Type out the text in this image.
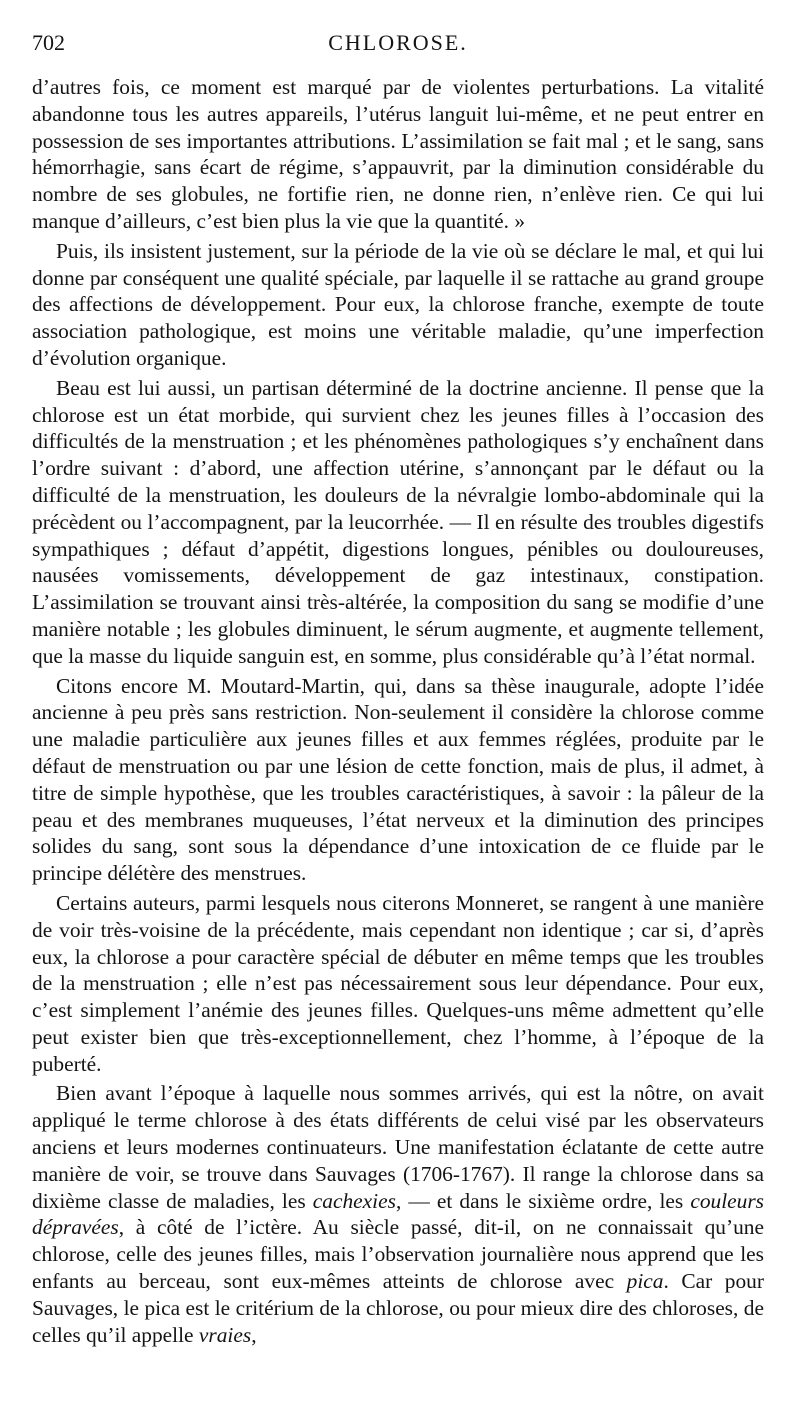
702	CHLOROSE.

d’autres fois, ce moment est marqué par de violentes perturbations. La vitalité abandonne tous les autres appareils, l’utérus languit lui-même, et ne peut entrer en possession de ses importantes attributions. L’assimilation se fait mal ; et le sang, sans hémorrhagie, sans écart de régime, s’appauvrit, par la diminution considérable du nombre de ses globules, ne fortifie rien, ne donne rien, n’enlève rien. Ce qui lui manque d’ailleurs, c’est bien plus la vie que la quantité. »

Puis, ils insistent justement, sur la période de la vie où se déclare le mal, et qui lui donne par conséquent une qualité spéciale, par laquelle il se rattache au grand groupe des affections de développement. Pour eux, la chlorose franche, exempte de toute association pathologique, est moins une véritable maladie, qu’une imperfection d’évolution organique.

Beau est lui aussi, un partisan déterminé de la doctrine ancienne. Il pense que la chlorose est un état morbide, qui survient chez les jeunes filles à l’occasion des difficultés de la menstruation ; et les phénomènes pathologiques s’y enchaînent dans l’ordre suivant : d’abord, une affection utérine, s’annonçant par le défaut ou la difficulté de la menstruation, les douleurs de la névralgie lombo-abdominale qui la précèdent ou l’accompagnent, par la leucorrhée. — Il en résulte des troubles digestifs sympathiques ; défaut d’appétit, digestions longues, pénibles ou douloureuses, nausées vomissements, développement de gaz intestinaux, constipation. L’assimilation se trouvant ainsi très-altérée, la composition du sang se modifie d’une manière notable ; les globules diminuent, le sérum augmente, et augmente tellement, que la masse du liquide sanguin est, en somme, plus considérable qu’à l’état normal.

Citons encore M. Moutard-Martin, qui, dans sa thèse inaugurale, adopte l’idée ancienne à peu près sans restriction. Non-seulement il considère la chlorose comme une maladie particulière aux jeunes filles et aux femmes réglées, produite par le défaut de menstruation ou par une lésion de cette fonction, mais de plus, il admet, à titre de simple hypothèse, que les troubles caractéristiques, à savoir : la pâleur de la peau et des membranes muqueuses, l’état nerveux et la diminution des principes solides du sang, sont sous la dépendance d’une intoxication de ce fluide par le principe délétère des menstrues.

Certains auteurs, parmi lesquels nous citerons Monneret, se rangent à une manière de voir très-voisine de la précédente, mais cependant non identique ; car si, d’après eux, la chlorose a pour caractère spécial de débuter en même temps que les troubles de la menstruation ; elle n’est pas nécessairement sous leur dépendance. Pour eux, c’est simplement l’anémie des jeunes filles. Quelques-uns même admettent qu’elle peut exister bien que très-exceptionnellement, chez l’homme, à l’époque de la puberté.

Bien avant l’époque à laquelle nous sommes arrivés, qui est la nôtre, on avait appliqué le terme chlorose à des états différents de celui visé par les observateurs anciens et leurs modernes continuateurs. Une manifestation éclatante de cette autre manière de voir, se trouve dans Sauvages (1706-1767). Il range la chlorose dans sa dixième classe de maladies, les cachexies, — et dans le sixième ordre, les couleurs dépravées, à côté de l’ictère. Au siècle passé, dit-il, on ne connaissait qu’une chlorose, celle des jeunes filles, mais l’observation journalière nous apprend que les enfants au berceau, sont eux-mêmes atteints de chlorose avec pica. Car pour Sauvages, le pica est le critérium de la chlorose, ou pour mieux dire des chloroses, de celles qu’il appelle vraies,
